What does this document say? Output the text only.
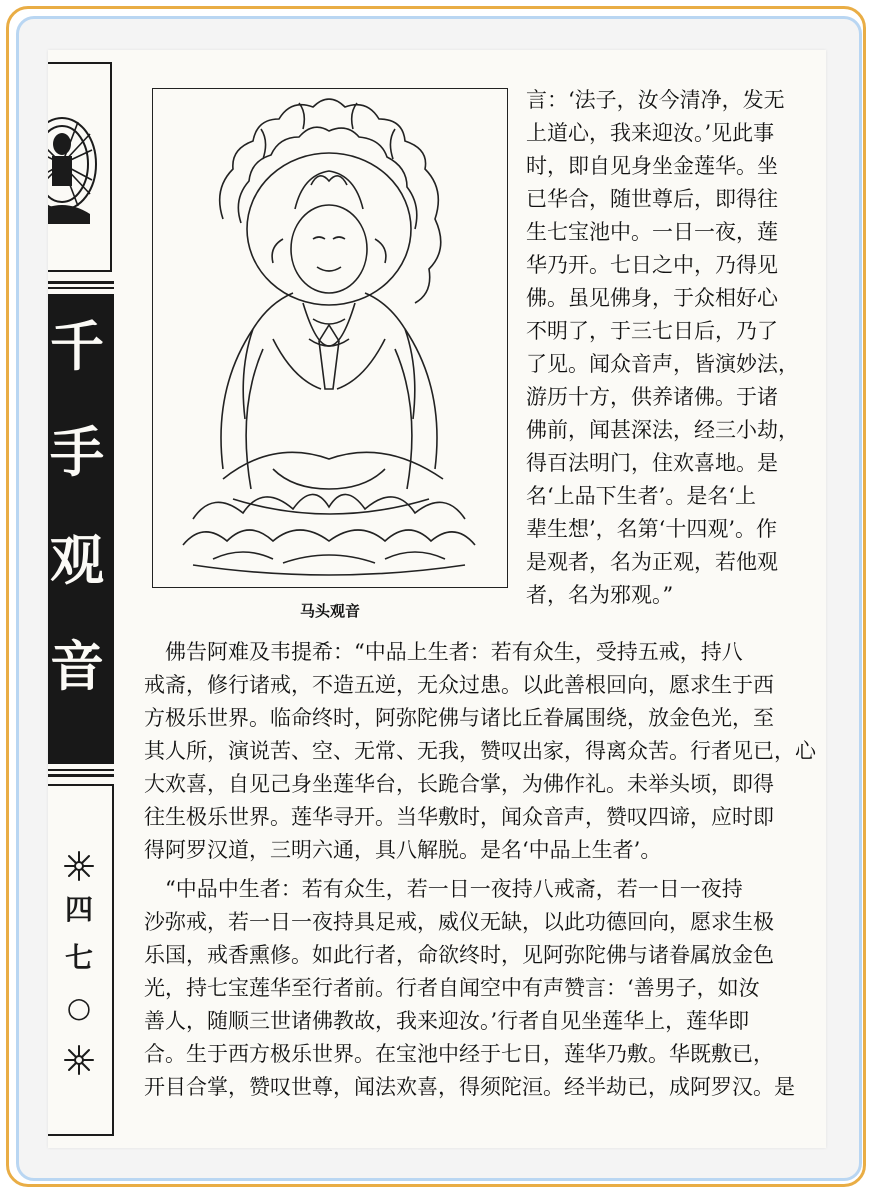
千
手
观
音
四
七
○
马头观音
言：‘法子，汝今清净，发无
上道心，我来迎汝。’见此事
时，即自见身坐金莲华。坐
已华合，随世尊后，即得往
生七宝池中。一日一夜，莲
华乃开。七日之中，乃得见
佛。虽见佛身，于众相好心
不明了，于三七日后，乃了
了见。闻众音声，皆演妙法，
游历十方，供养诸佛。于诸
佛前，闻甚深法，经三小劫，
得百法明门，住欢喜地。是
名‘上品下生者’。是名‘上
辈生想’，名第‘十四观’。作
是观者，名为正观，若他观
者，名为邪观。”
　佛告阿难及韦提希：“中品上生者：若有众生，受持五戒，持八
戒斋，修行诸戒，不造五逆，无众过患。以此善根回向，愿求生于西
方极乐世界。临命终时，阿弥陀佛与诸比丘眷属围绕，放金色光，至
其人所，演说苦、空、无常、无我，赞叹出家，得离众苦。行者见已，心
大欢喜，自见己身坐莲华台，长跪合掌，为佛作礼。未举头顷，即得
往生极乐世界。莲华寻开。当华敷时，闻众音声，赞叹四谛，应时即
得阿罗汉道，三明六通，具八解脱。是名‘中品上生者’。
　“中品中生者：若有众生，若一日一夜持八戒斋，若一日一夜持
沙弥戒，若一日一夜持具足戒，威仪无缺，以此功德回向，愿求生极
乐国，戒香熏修。如此行者，命欲终时，见阿弥陀佛与诸眷属放金色
光，持七宝莲华至行者前。行者自闻空中有声赞言：‘善男子，如汝
善人，随顺三世诸佛教故，我来迎汝。’行者自见坐莲华上，莲华即
合。生于西方极乐世界。在宝池中经于七日，莲华乃敷。华既敷已，
开目合掌，赞叹世尊，闻法欢喜，得须陀洹。经半劫已，成阿罗汉。是
